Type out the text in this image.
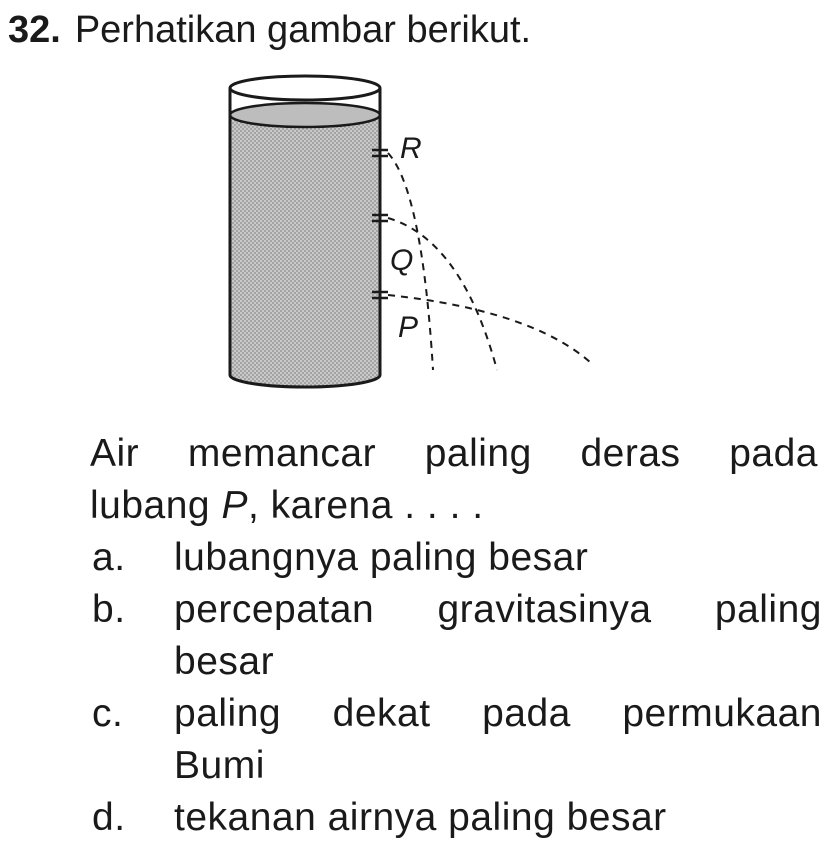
32. Perhatikan gambar berikut.
R
Q
P
Air memancar paling deras pada
lubang P, karena . . . .
a.	lubangnya paling besar
b.	percepatan gravitasinya paling
besar
c.	paling dekat pada permukaan
Bumi
d.	tekanan airnya paling besar
